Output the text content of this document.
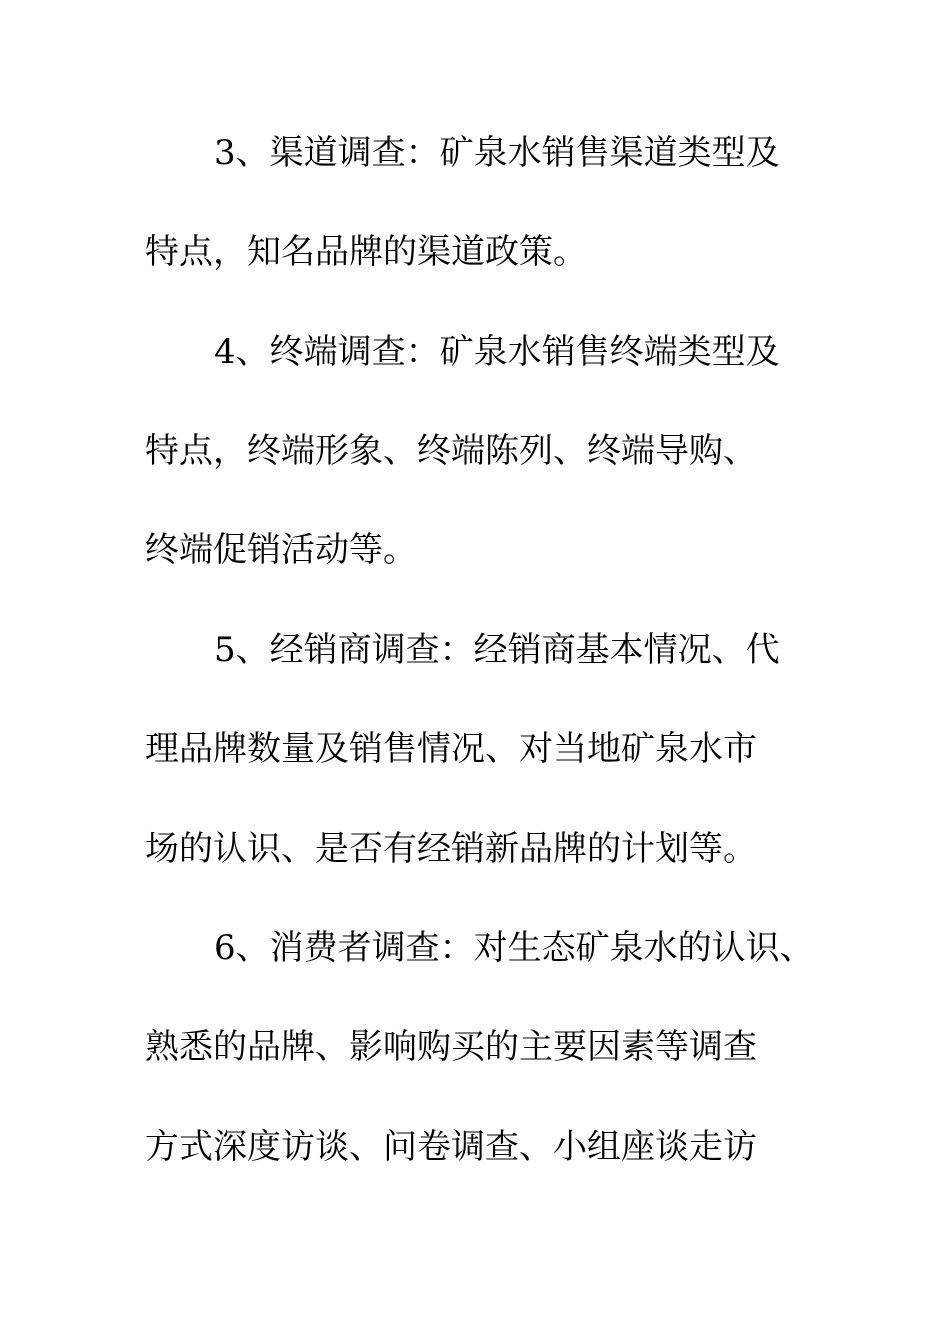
3、渠道调查：矿泉水销售渠道类型及
特点，知名品牌的渠道政策。
4、终端调查：矿泉水销售终端类型及
特点，终端形象、终端陈列、终端导购、
终端促销活动等。
5、经销商调查：经销商基本情况、代
理品牌数量及销售情况、对当地矿泉水市
场的认识、是否有经销新品牌的计划等。
6、消费者调查：对生态矿泉水的认识、
熟悉的品牌、影响购买的主要因素等调查
方式深度访谈、问卷调查、小组座谈走访
